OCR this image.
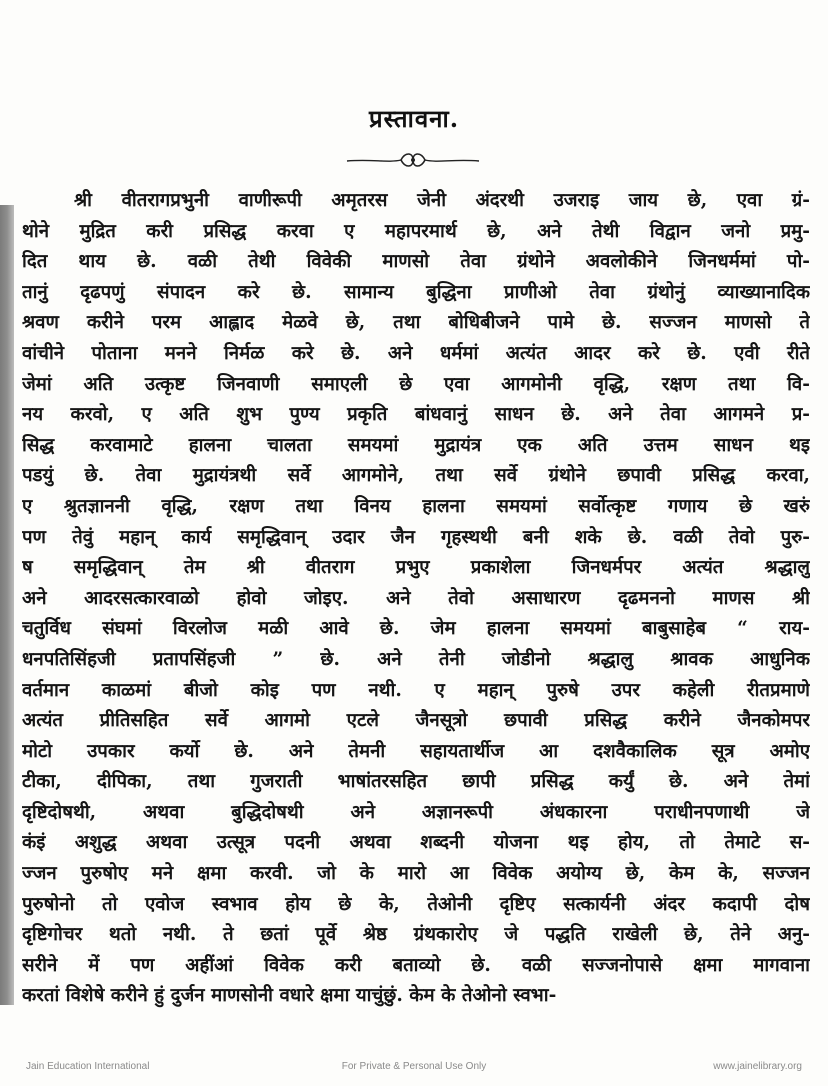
प्रस्तावना.
श्री वीतरागप्रभुनी वाणीरूपी अमृतरस जेनी अंदरथी उजराइ जाय छे, एवा ग्रं-
थोने मुद्रित करी प्रसिद्ध करवा ए महापरमार्थ छे, अने तेथी विद्वान जनो प्रमु-
दित थाय छे. वळी तेथी विवेकी माणसो तेवा ग्रंथोने अवलोकीने जिनधर्ममां पो-
तानुं दृढपणुं संपादन करे छे. सामान्य बुद्धिना प्राणीओ तेवा ग्रंथोनुं व्याख्यानादिक
श्रवण करीने परम आह्लाद मेळवे छे, तथा बोधिबीजने पामे छे. सज्जन माणसो ते
वांचीने पोताना मनने निर्मळ करे छे. अने धर्ममां अत्यंत आदर करे छे. एवी रीते
जेमां अति उत्कृष्ट जिनवाणी समाएली छे एवा आगमोनी वृद्धि, रक्षण तथा वि-
नय करवो, ए अति शुभ पुण्य प्रकृति बांधवानुं साधन छे. अने तेवा आगमने प्र-
सिद्ध करवामाटे हालना चालता समयमां मुद्रायंत्र एक अति उत्तम साधन थइ
पडयुं छे. तेवा मुद्रायंत्रथी सर्वे आगमोने, तथा सर्वे ग्रंथोने छपावी प्रसिद्ध करवा,
ए श्रुतज्ञाननी वृद्धि, रक्षण तथा विनय हालना समयमां सर्वोत्कृष्ट गणाय छे खरुं
पण तेवुं महान् कार्य समृद्धिवान् उदार जैन गृहस्थथी बनी शके छे. वळी तेवो पुरु-
ष समृद्धिवान् तेम श्री वीतराग प्रभुए प्रकाशेला जिनधर्मपर अत्यंत श्रद्धालु
अने आदरसत्कारवाळो होवो जोइए. अने तेवो असाधारण दृढमननो माणस श्री
चतुर्विध संघमां विरलोज मळी आवे छे. जेम हालना समयमां बाबुसाहेब “ राय-
धनपतिसिंहजी प्रतापसिंहजी ” छे. अने तेनी जोडीनो श्रद्धालु श्रावक आधुनिक
वर्तमान काळमां बीजो कोइ पण नथी. ए महान् पुरुषे उपर कहेली रीतप्रमाणे
अत्यंत प्रीतिसहित सर्वे आगमो एटले जैनसूत्रो छपावी प्रसिद्ध करीने जैनकोमपर
मोटो उपकार कर्यो छे. अने तेमनी सहायतार्थीज आ दशवैकालिक सूत्र अमोए
टीका, दीपिका, तथा गुजराती भाषांतरसहित छापी प्रसिद्ध कर्युं छे. अने तेमां
दृष्टिदोषथी, अथवा बुद्धिदोषथी अने अज्ञानरूपी अंधकारना पराधीनपणाथी जे
कंइं अशुद्ध अथवा उत्सूत्र पदनी अथवा शब्दनी योजना थइ होय, तो तेमाटे स-
ज्जन पुरुषोए मने क्षमा करवी. जो के मारो आ विवेक अयोग्य छे, केम के, सज्जन
पुरुषोनो तो एवोज स्वभाव होय छे के, तेओनी दृष्टिए सत्कार्यनी अंदर कदापी दोष
दृष्टिगोचर थतो नथी. ते छतां पूर्वे श्रेष्ठ ग्रंथकारोए जे पद्धति राखेली छे, तेने अनु-
सरीने में पण अहींआं विवेक करी बताव्यो छे. वळी सज्जनोपासे क्षमा मागवाना
करतां विशेषे करीने हुं दुर्जन माणसोनी वधारे क्षमा याचुंछुं. केम के तेओनो स्वभा-
Jain Education International	For Private & Personal Use Only	www.jainelibrary.org
